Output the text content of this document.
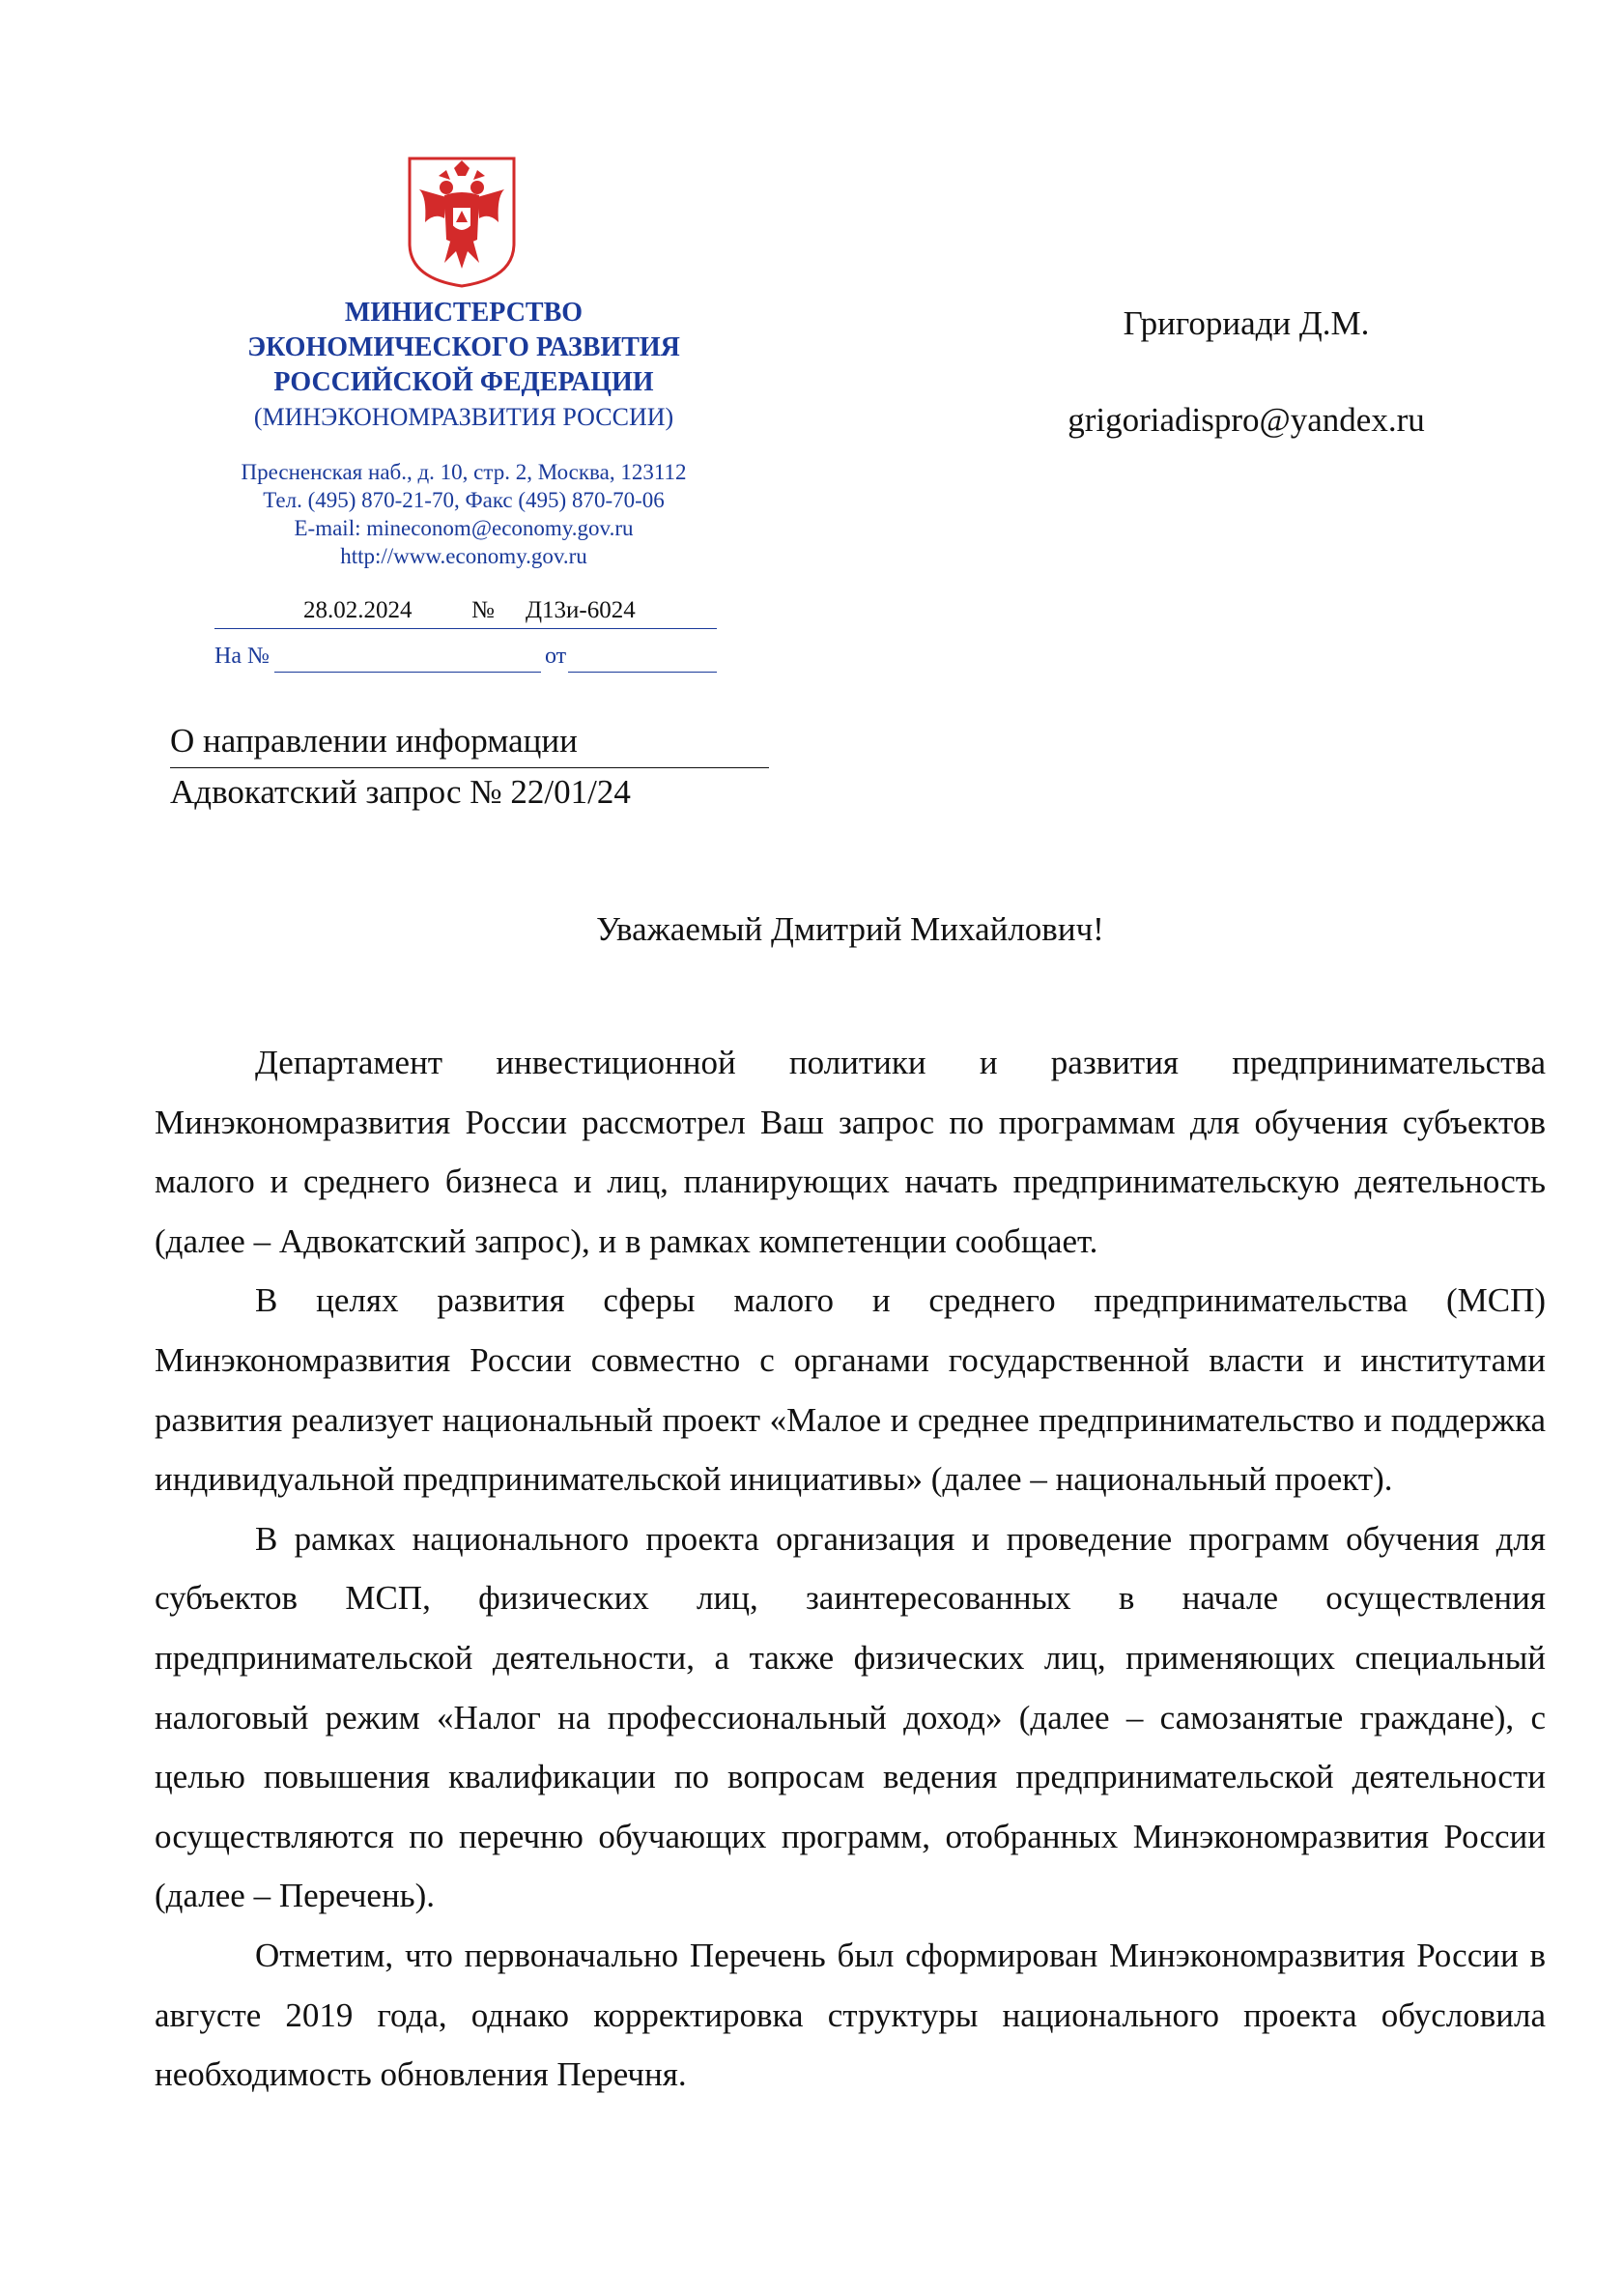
МИНИСТЕРСТВО
ЭКОНОМИЧЕСКОГО РАЗВИТИЯ
РОССИЙСКОЙ ФЕДЕРАЦИИ
(МИНЭКОНОМРАЗВИТИЯ РОССИИ)
Пресненская наб., д. 10, стр. 2, Москва, 123112
Тел. (495) 870-21-70, Факс (495) 870-70-06
E-mail: mineconom@economy.gov.ru
http://www.economy.gov.ru
28.02.2024 № Д13и-6024
На №	от
Григориади Д.М.
grigoriadispro@yandex.ru
О направлении информации
Адвокатский запрос № 22/01/24
Уважаемый Дмитрий Михайлович!

Департамент инвестиционной политики и развития предпринимательства Минэкономразвития России рассмотрел Ваш запрос по программам для обучения субъектов малого и среднего бизнеса и лиц, планирующих начать предпринимательскую деятельность (далее – Адвокатский запрос), и в рамках компетенции сообщает.

В целях развития сферы малого и среднего предпринимательства (МСП) Минэкономразвития России совместно с органами государственной власти и институтами развития реализует национальный проект «Малое и среднее предпринимательство и поддержка индивидуальной предпринимательской инициативы» (далее – национальный проект).

В рамках национального проекта организация и проведение программ обучения для субъектов МСП, физических лиц, заинтересованных в начале осуществления предпринимательской деятельности, а также физических лиц, применяющих специальный налоговый режим «Налог на профессиональный доход» (далее – самозанятые граждане), с целью повышения квалификации по вопросам ведения предпринимательской деятельности осуществляются по перечню обучающих программ, отобранных Минэкономразвития России (далее – Перечень).

Отметим, что первоначально Перечень был сформирован Минэкономразвития России в августе 2019 года, однако корректировка структуры национального проекта обусловила необходимость обновления Перечня.
